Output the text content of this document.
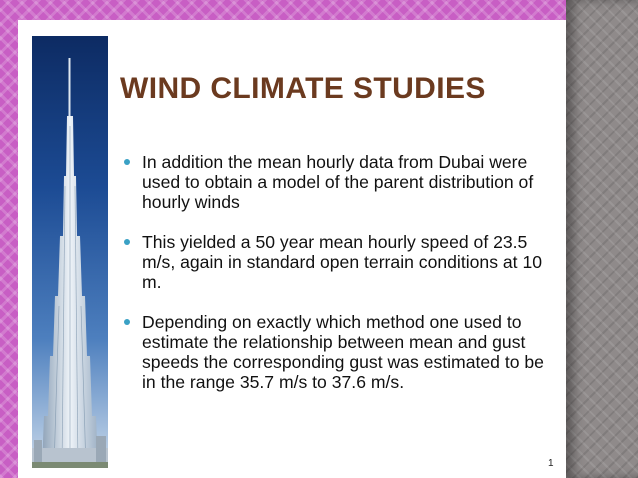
WIND CLIMATE STUDIES
In addition the mean hourly data from Dubai were used to obtain a model of the parent distribution of hourly winds
This yielded a 50 year mean hourly speed of 23.5 m/s, again in standard open terrain conditions at 10 m.
Depending on exactly which method one used to estimate the relationship between mean and gust speeds the corresponding gust was estimated to be in the range 35.7 m/s to 37.6 m/s.
1
